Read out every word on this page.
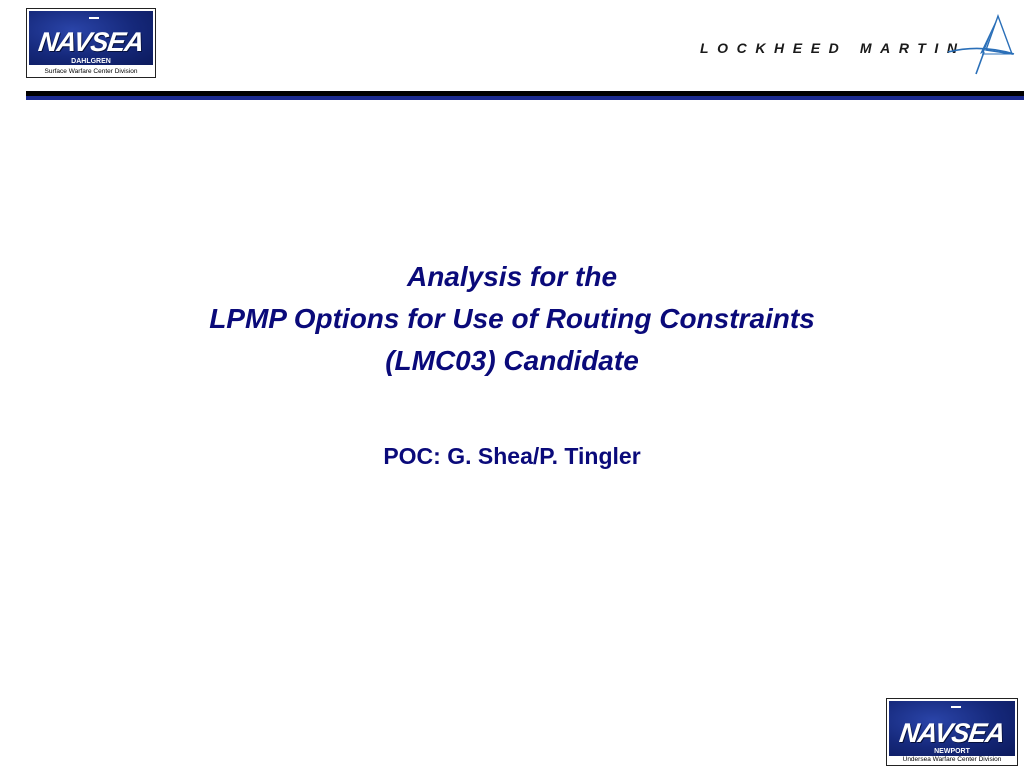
NAVSEA
DAHLGREN
Surface Warfare Center Division
LOCKHEED MARTIN
Analysis for the
LPMP Options for Use of Routing Constraints
(LMC03) Candidate
POC: G. Shea/P. Tingler
NAVSEA
NEWPORT
Undersea Warfare Center Division
